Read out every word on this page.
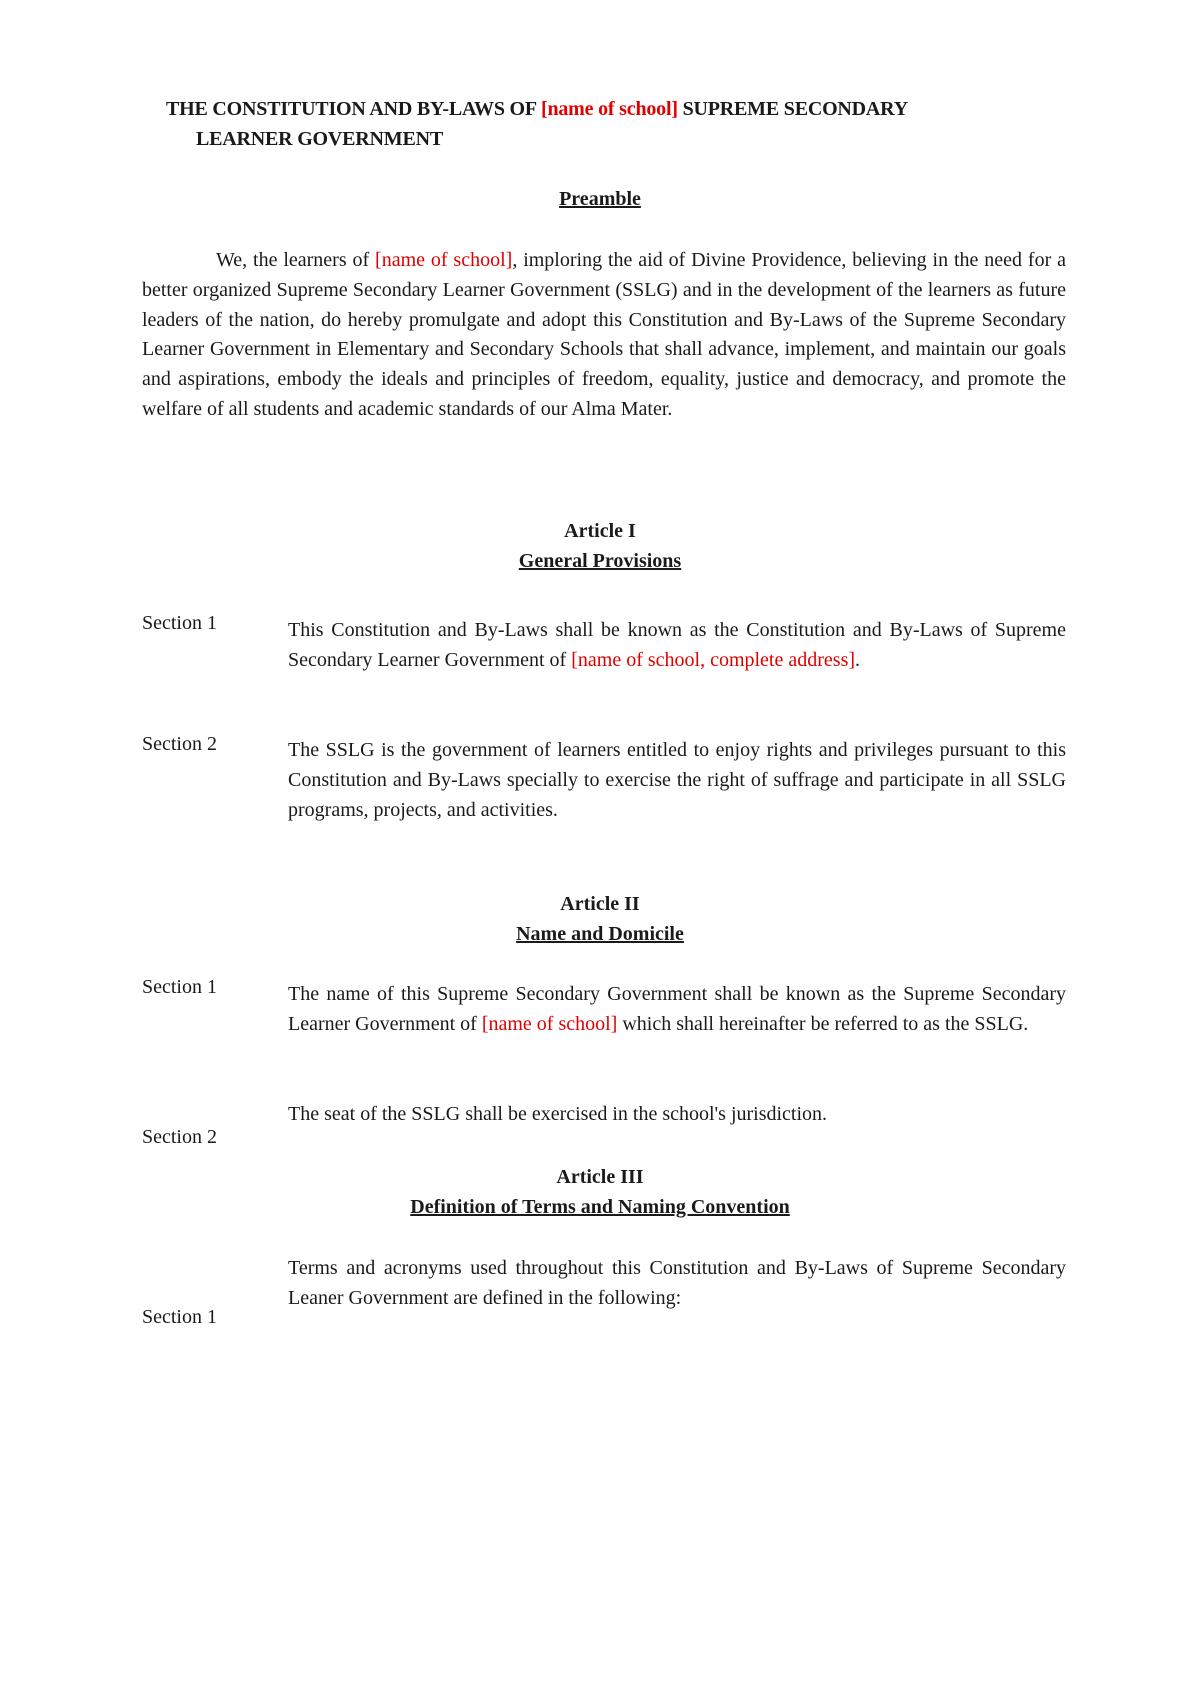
THE CONSTITUTION AND BY-LAWS OF [name of school] SUPREME SECONDARY
LEARNER GOVERNMENT
Preamble
We, the learners of [name of school], imploring the aid of Divine Providence, believing in the need for a better organized Supreme Secondary Learner Government (SSLG) and in the development of the learners as future leaders of the nation, do hereby promulgate and adopt this Constitution and By-Laws of the Supreme Secondary Learner Government in Elementary and Secondary Schools that shall advance, implement, and maintain our goals and aspirations, embody the ideals and principles of freedom, equality, justice and democracy, and promote the welfare of all students and academic standards of our Alma Mater.
Article I
General Provisions
Section 1	This Constitution and By-Laws shall be known as the Constitution and By-Laws of Supreme Secondary Learner Government of [name of school, complete address].
Section 2	The SSLG is the government of learners entitled to enjoy rights and privileges pursuant to this Constitution and By-Laws specially to exercise the right of suffrage and participate in all SSLG programs, projects, and activities.
Article II
Name and Domicile
Section 1	The name of this Supreme Secondary Government shall be known as the Supreme Secondary Learner Government of [name of school] which shall hereinafter be referred to as the SSLG.
The seat of the SSLG shall be exercised in the school's jurisdiction.
Section 2
Article III
Definition of Terms and Naming Convention
Terms and acronyms used throughout this Constitution and By-Laws of Supreme Secondary Leaner Government are defined in the following:
Section 1
